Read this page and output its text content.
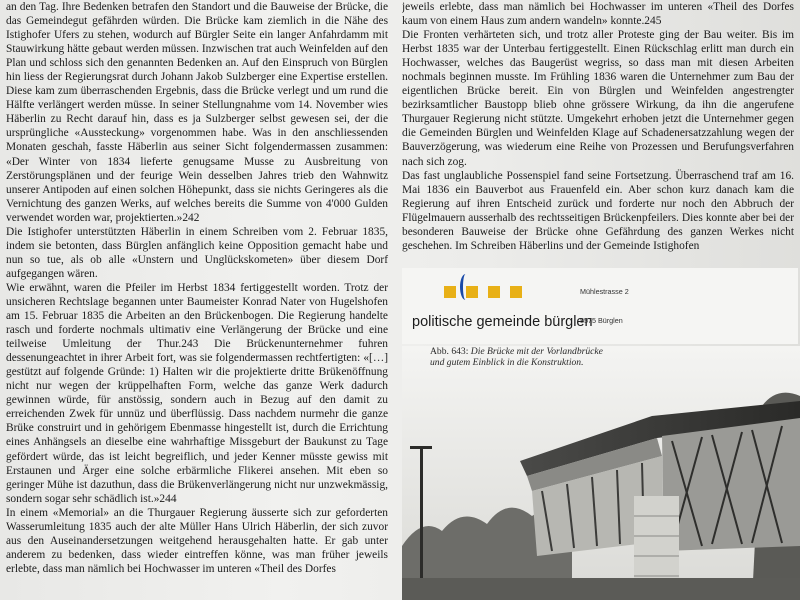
an den Tag. Ihre Bedenken betrafen den Standort und die Bauweise der Brücke, die das Gemeindegut gefährden würden. Die Brücke kam ziemlich in die Nähe des Istighofer Ufers zu stehen, wodurch auf Bürgler Seite ein langer Anfahrdamm mit Stauwirkung hätte gebaut werden müssen. Inzwischen trat auch Weinfelden auf den Plan und schloss sich den genannten Bedenken an. Auf den Einspruch von Bürglen hin liess der Regierungsrat durch Johann Jakob Sulzberger eine Expertise erstellen. Diese kam zum überraschenden Ergebnis, dass die Brücke verlegt und um rund die Hälfte verlängert werden müsse. In seiner Stellungnahme vom 14. November wies Häberlin zu Recht darauf hin, dass es ja Sulzberger selbst gewesen sei, der die ursprüngliche «Aussteckung» vorgenommen habe. Was in den anschliessenden Monaten geschah, fasste Häberlin aus seiner Sicht folgendermassen zusammen: «Der Winter von 1834 lieferte genugsame Musse zu Ausbreitung von Zerstörungsplänen und der feurige Wein desselben Jahres trieb den Wahnwitz unserer Antipoden auf einen solchen Höhepunkt, dass sie nichts Geringeres als die Vernichtung des ganzen Werks, auf welches bereits die Summe von 4'000 Gulden verwendet worden war, projektierten.»242

Die Istighofer unterstützten Häberlin in einem Schreiben vom 2. Februar 1835, indem sie betonten, dass Bürglen anfänglich keine Opposition gemacht habe und nun so tue, als ob alle «Unstern und Unglückskometen» über diesem Dorf aufgegangen wären.

Wie erwähnt, waren die Pfeiler im Herbst 1834 fertiggestellt worden. Trotz der unsicheren Rechtslage begannen unter Baumeister Konrad Nater von Hugelshofen am 15. Februar 1835 die Arbeiten an den Brückenbogen. Die Regierung handelte rasch und forderte nochmals ultimativ eine Verlängerung der Brücke und eine teilweise Umleitung der Thur.243 Die Brückenunternehmer fuhren dessenungeachtet in ihrer Arbeit fort, was sie folgendermassen rechtfertigten: «[…] gestützt auf folgende Gründe: 1) Halten wir die projektierte dritte Brükenöffnung nicht nur wegen der krüppelhaften Form, welche das ganze Werk dadurch gewinnen würde, für anstössig, sondern auch in Bezug auf den damit zu erreichenden Zwek für unnüz und überflüssig. Dass nachdem nurmehr die ganze Brüke construirt und in gehörigem Ebenmasse hingestellt ist, durch die Errichtung eines Anhängsels an dieselbe eine wahrhaftige Missgeburt der Baukunst zu Tage gefördert würde, das ist leicht begreiflich, und jeder Kenner müsste gewiss mit Erstaunen und Ärger eine solche erbärmliche Flikerei ansehen. Mit eben so geringer Mühe ist dazuthun, dass die Brükenverlängerung nicht nur unzwekmässig, sondern sogar sehr schädlich ist.»244

In einem «Memorial» an die Thurgauer Regierung äusserte sich zur geforderten Wasserumleitung 1835 auch der alte Müller Hans Ulrich Häberlin, der sich zuvor aus den Auseinandersetzungen weitgehend herausgehalten hatte. Er gab unter anderem zu bedenken, dass wieder eintreffen könne, was man früher jeweils erlebte, dass man nämlich bei Hochwasser im unteren «Theil des Dorfes

jeweils erlebte, dass man nämlich bei Hochwasser im unteren «Theil des Dorfes kaum von einem Haus zum andern wandeln» konnte.245

Die Fronten verhärteten sich, und trotz aller Proteste ging der Bau weiter. Bis im Herbst 1835 war der Unterbau fertiggestellt. Einen Rückschlag erlitt man durch ein Hochwasser, welches das Baugerüst wegriss, so dass man mit diesen Arbeiten nochmals beginnen musste. Im Frühling 1836 waren die Unternehmer zum Bau der eigentlichen Brücke bereit. Ein von Bürglen und Weinfelden angestrengter bezirksamtlicher Baustopp blieb ohne grössere Wirkung, da ihn die angerufene Thurgauer Regierung nicht stützte. Umgekehrt erhoben jetzt die Unternehmer gegen die Gemeinden Bürglen und Weinfelden Klage auf Schadenersatzzahlung wegen der Bauverzögerung, was wiederum eine Reihe von Prozessen und Berufungsverfahren nach sich zog.

Das fast unglaubliche Possenspiel fand seine Fortsetzung. Überraschend traf am 16. Mai 1836 ein Bauverbot aus Frauenfeld ein. Aber schon kurz danach kam die Regierung auf ihren Entscheid zurück und forderte nur noch den Abbruch der Flügelmauern ausserhalb des rechtsseitigen Brückenpfeilers. Dies konnte aber bei der besonderen Bauweise der Brücke ohne Gefährdung des ganzen Werkes nicht geschehen. Im Schreiben Häberlins und der Gemeinde Istighofen

politische gemeinde bürglen

Mühlestrasse 2

8575 Bürglen

Abb. 643: Die Brücke mit der Vorlandbrücke und gutem Einblick in die Konstruktion.
